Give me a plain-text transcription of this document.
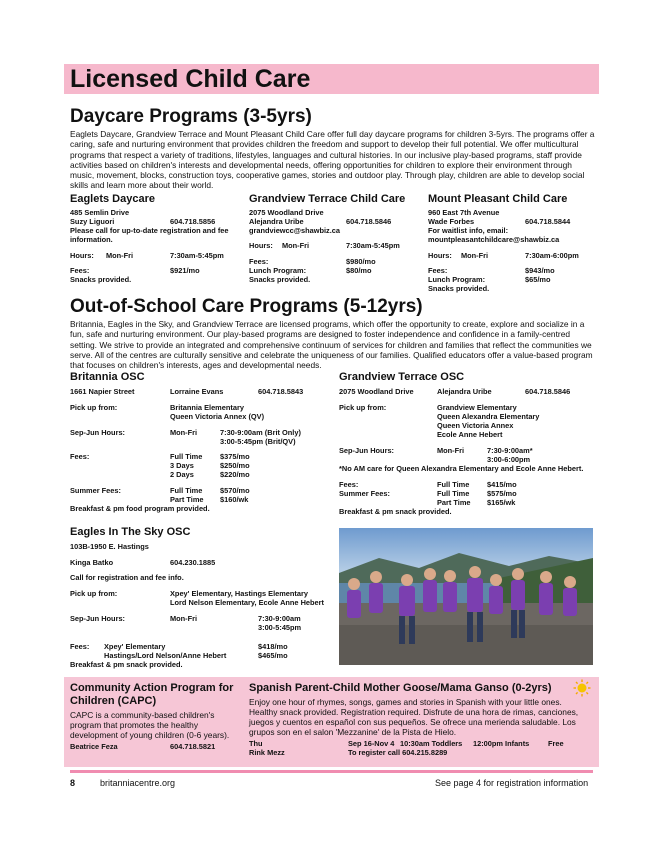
Licensed Child Care
Daycare Programs (3-5yrs)
Eaglets Daycare, Grandview Terrace and Mount Pleasant Child Care offer full day daycare programs for children 3-5yrs. The programs offer a caring, safe and nurturing environment that provides children the freedom and support to develop their full potential. We offer multicultural programs that respect a variety of traditions, lifestyles, languages and cultural histories. In our inclusive play-based programs, staff provide activities based on children's interests and developmental needs, offering opportunities for children to explore their environment through music, movement, blocks, construction toys, cooperative games, stories and outdoor play. Through play, children are able to develop social skills and learn more about their world.
Eaglets Daycare
485 Semlin Drive
Suzy Liguori	604.718.5856
Please call for up-to-date registration and fee information.
Hours: Mon-Fri	7:30am-5:45pm
Fees:	$921/mo
Snacks provided.
Grandview Terrace Child Care
2075 Woodland Drive
Alejandra Uribe	604.718.5846
grandviewcc@shawbiz.ca
Hours: Mon-Fri	7:30am-5:45pm
Fees:	$980/mo
Lunch Program:	$80/mo
Snacks provided.
Mount Pleasant Child Care
960 East 7th Avenue
Wade Forbes	604.718.5844
For waitlist info, email:
mountpleasantchildcare@shawbiz.ca
Hours: Mon-Fri	7:30am-6:00pm
Fees:	$943/mo
Lunch Program:	$65/mo
Snacks provided.
Out-of-School Care Programs (5-12yrs)
Britannia, Eagles in the Sky, and Grandview Terrace are licensed programs, which offer the opportunity to create, explore and socialize in a fun, safe and nurturing environment. Our play-based programs are designed to foster independence and confidence in a family-centred setting. We strive to provide an integrated and comprehensive continuum of services for children and families that reflect the communities we serve. All of the centres are culturally sensitive and celebrate the uniqueness of our families. Qualified educators offer a value-based program that focuses on children's interests, ages and developmental needs.
Britannia OSC
1661 Napier Street	Lorraine Evans	604.718.5843
Pick up from:	Britannia Elementary
Queen Victoria Annex (QV)
Sep-Jun Hours:	Mon-Fri	7:30-9:00am (Brit Only)
3:00-5:45pm (Brit/QV)
Fees:	Full Time $375/mo
3 Days	$250/mo
2 Days	$220/mo
Summer Fees:	Full Time $570/mo
Part Time $160/wk
Breakfast & pm food program provided.
Grandview Terrace OSC
2075 Woodland Drive	Alejandra Uribe	604.718.5846
Pick up from:	Grandview Elementary
Queen Alexandra Elementary
Queen Victoria Annex
Ecole Anne Hebert
Sep-Jun Hours:	Mon-Fri	7:30-9:00am*
3:00-6:00pm
*No AM care for Queen Alexandra Elementary and Ecole Anne Hebert.
Fees:	Full Time $415/mo
Summer Fees:	Full Time $575/mo
Part Time $165/wk
Breakfast & pm snack provided.
Eagles In The Sky OSC
103B-1950 E. Hastings
Kinga Batko	604.230.1885
Call for registration and fee info.
Pick up from:	Xpey' Elementary, Hastings Elementary
Lord Nelson Elementary, Ecole Anne Hebert
Sep-Jun Hours:	Mon-Fri	7:30-9:00am
3:00-5:45pm
Fees: Xpey' Elementary	$418/mo
Hastings/Lord Nelson/Anne Hebert	$465/mo
Breakfast & pm snack provided.
Community Action Program for Children (CAPC)
CAPC is a community-based children's program that promotes the healthy development of young children (0-6 years).
Beatrice Feza	604.718.5821
Spanish Parent-Child Mother Goose/Mama Ganso (0-2yrs)
Enjoy one hour of rhymes, songs, games and stories in Spanish with your little ones. Healthy snack provided. Registration required. Disfrute de una hora de rimas, canciones, juegos y cuentos en español con sus pequeños. Se ofrece una merienda saludable. Los grupos son en el salon 'Mezzanine' de la Pista de Hielo.
Thu	Sep 16-Nov 4 10:30am Toddlers 12:00pm Infants	Free
Rink Mezz	To register call 604.215.8289
8	britanniacentre.org	See page 4 for registration information
